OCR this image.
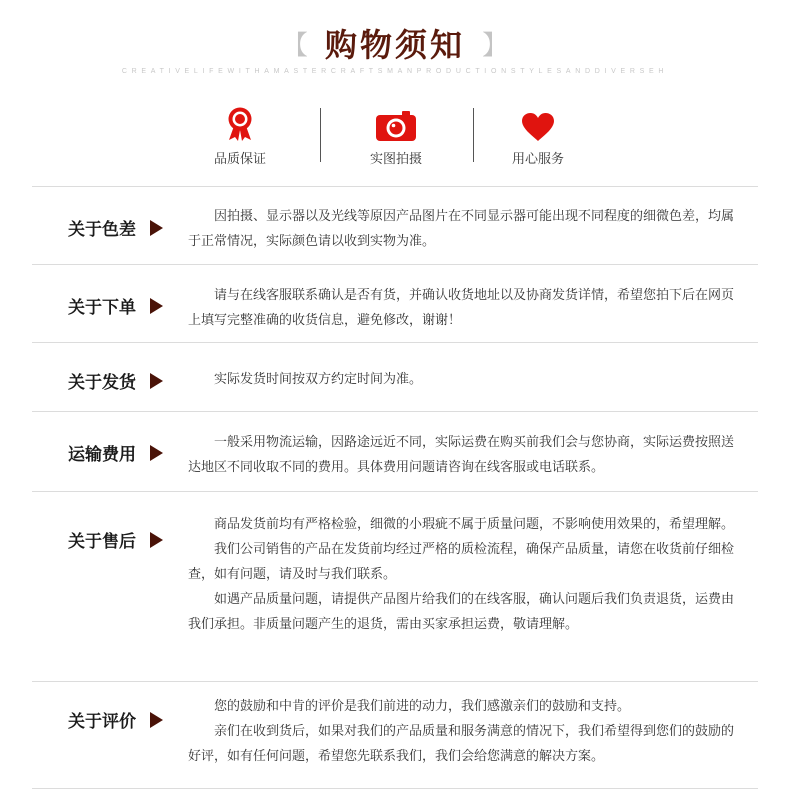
【 购物须知 】
CREATIVELIFEWITHAMASTERCRAFTSMANPRODUCTIONSTYLESANDDIVERSEH
品质保证	实图拍摄	用心服务
关于色差

因拍摄、显示器以及光线等原因产品图片在不同显示器可能出现不同程度的细微色差，均属于正常情况，实际颜色请以收到实物为准。

关于下单

请与在线客服联系确认是否有货，并确认收货地址以及协商发货详情，希望您拍下后在网页上填写完整准确的收货信息，避免修改，谢谢！

关于发货	实际发货时间按双方约定时间为准。

运输费用

一般采用物流运输，因路途远近不同，实际运费在购买前我们会与您协商，实际运费按照送达地区不同收取不同的费用。具体费用问题请咨询在线客服或电话联系。

关于售后

商品发货前均有严格检验，细微的小瑕疵不属于质量问题，不影响使用效果的，希望理解。

我们公司销售的产品在发货前均经过严格的质检流程，确保产品质量，请您在收货前仔细检查，如有问题，请及时与我们联系。

如遇产品质量问题，请提供产品图片给我们的在线客服，确认问题后我们负责退货，运费由我们承担。非质量问题产生的退货，需由买家承担运费，敬请理解。

关于评价

您的鼓励和中肯的评价是我们前进的动力，我们感激亲们的鼓励和支持。

亲们在收到货后，如果对我们的产品质量和服务满意的情况下，我们希望得到您们的鼓励的好评，如有任何问题，希望您先联系我们，我们会给您满意的解决方案。
